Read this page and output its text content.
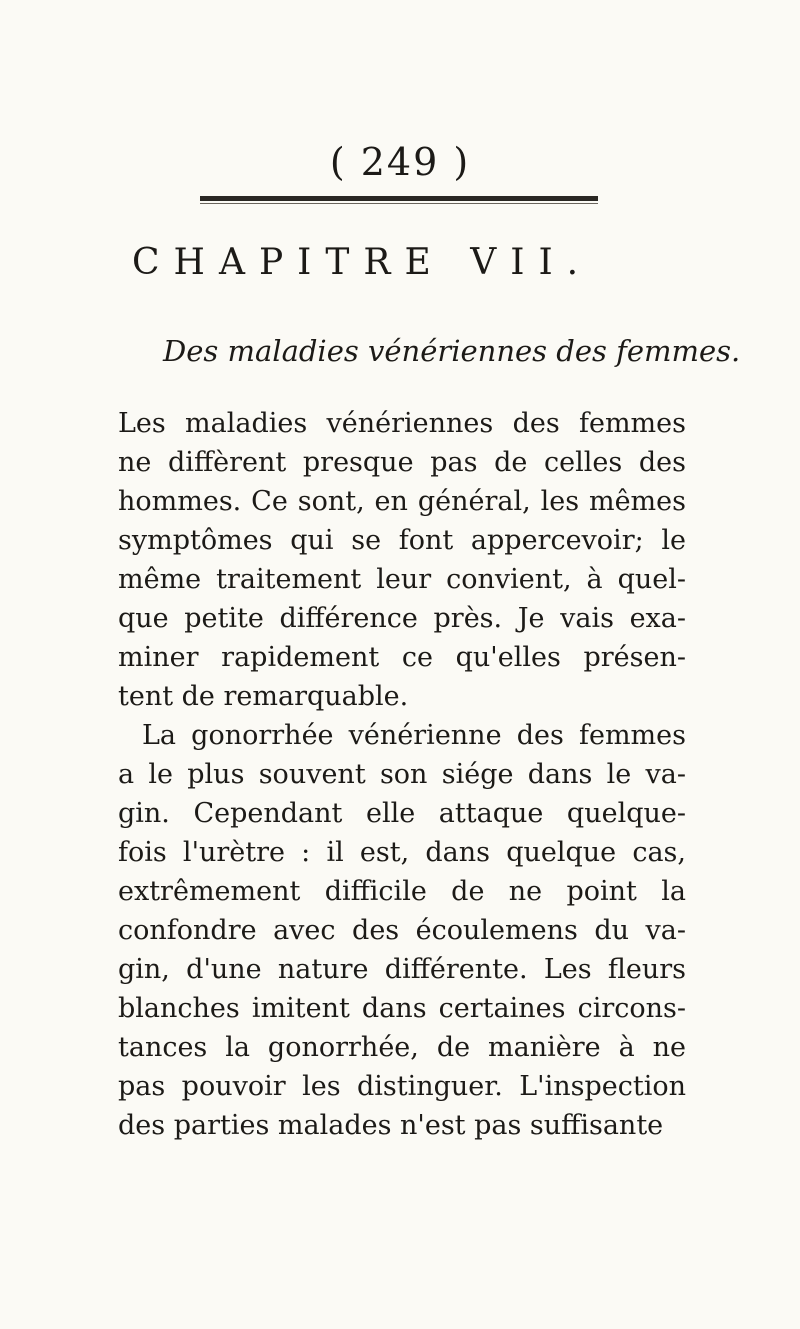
( 249 )
CHAPITRE VII.
Des maladies vénériennes des femmes.
Les maladies vénériennes des femmes
ne diffèrent presque pas de celles des
hommes. Ce sont, en général, les mêmes
symptômes qui se font appercevoir; le
même traitement leur convient, à quel-
que petite différence près. Je vais exa-
miner rapidement ce qu'elles présen-
tent de remarquable.
La gonorrhée vénérienne des femmes
a le plus souvent son siége dans le va-
gin. Cependant elle attaque quelque-
fois l'urètre : il est, dans quelque cas,
extrêmement difficile de ne point la
confondre avec des écoulemens du va-
gin, d'une nature différente. Les fleurs
blanches imitent dans certaines circons-
tances la gonorrhée, de manière à ne
pas pouvoir les distinguer. L'inspection
des parties malades n'est pas suffisante
